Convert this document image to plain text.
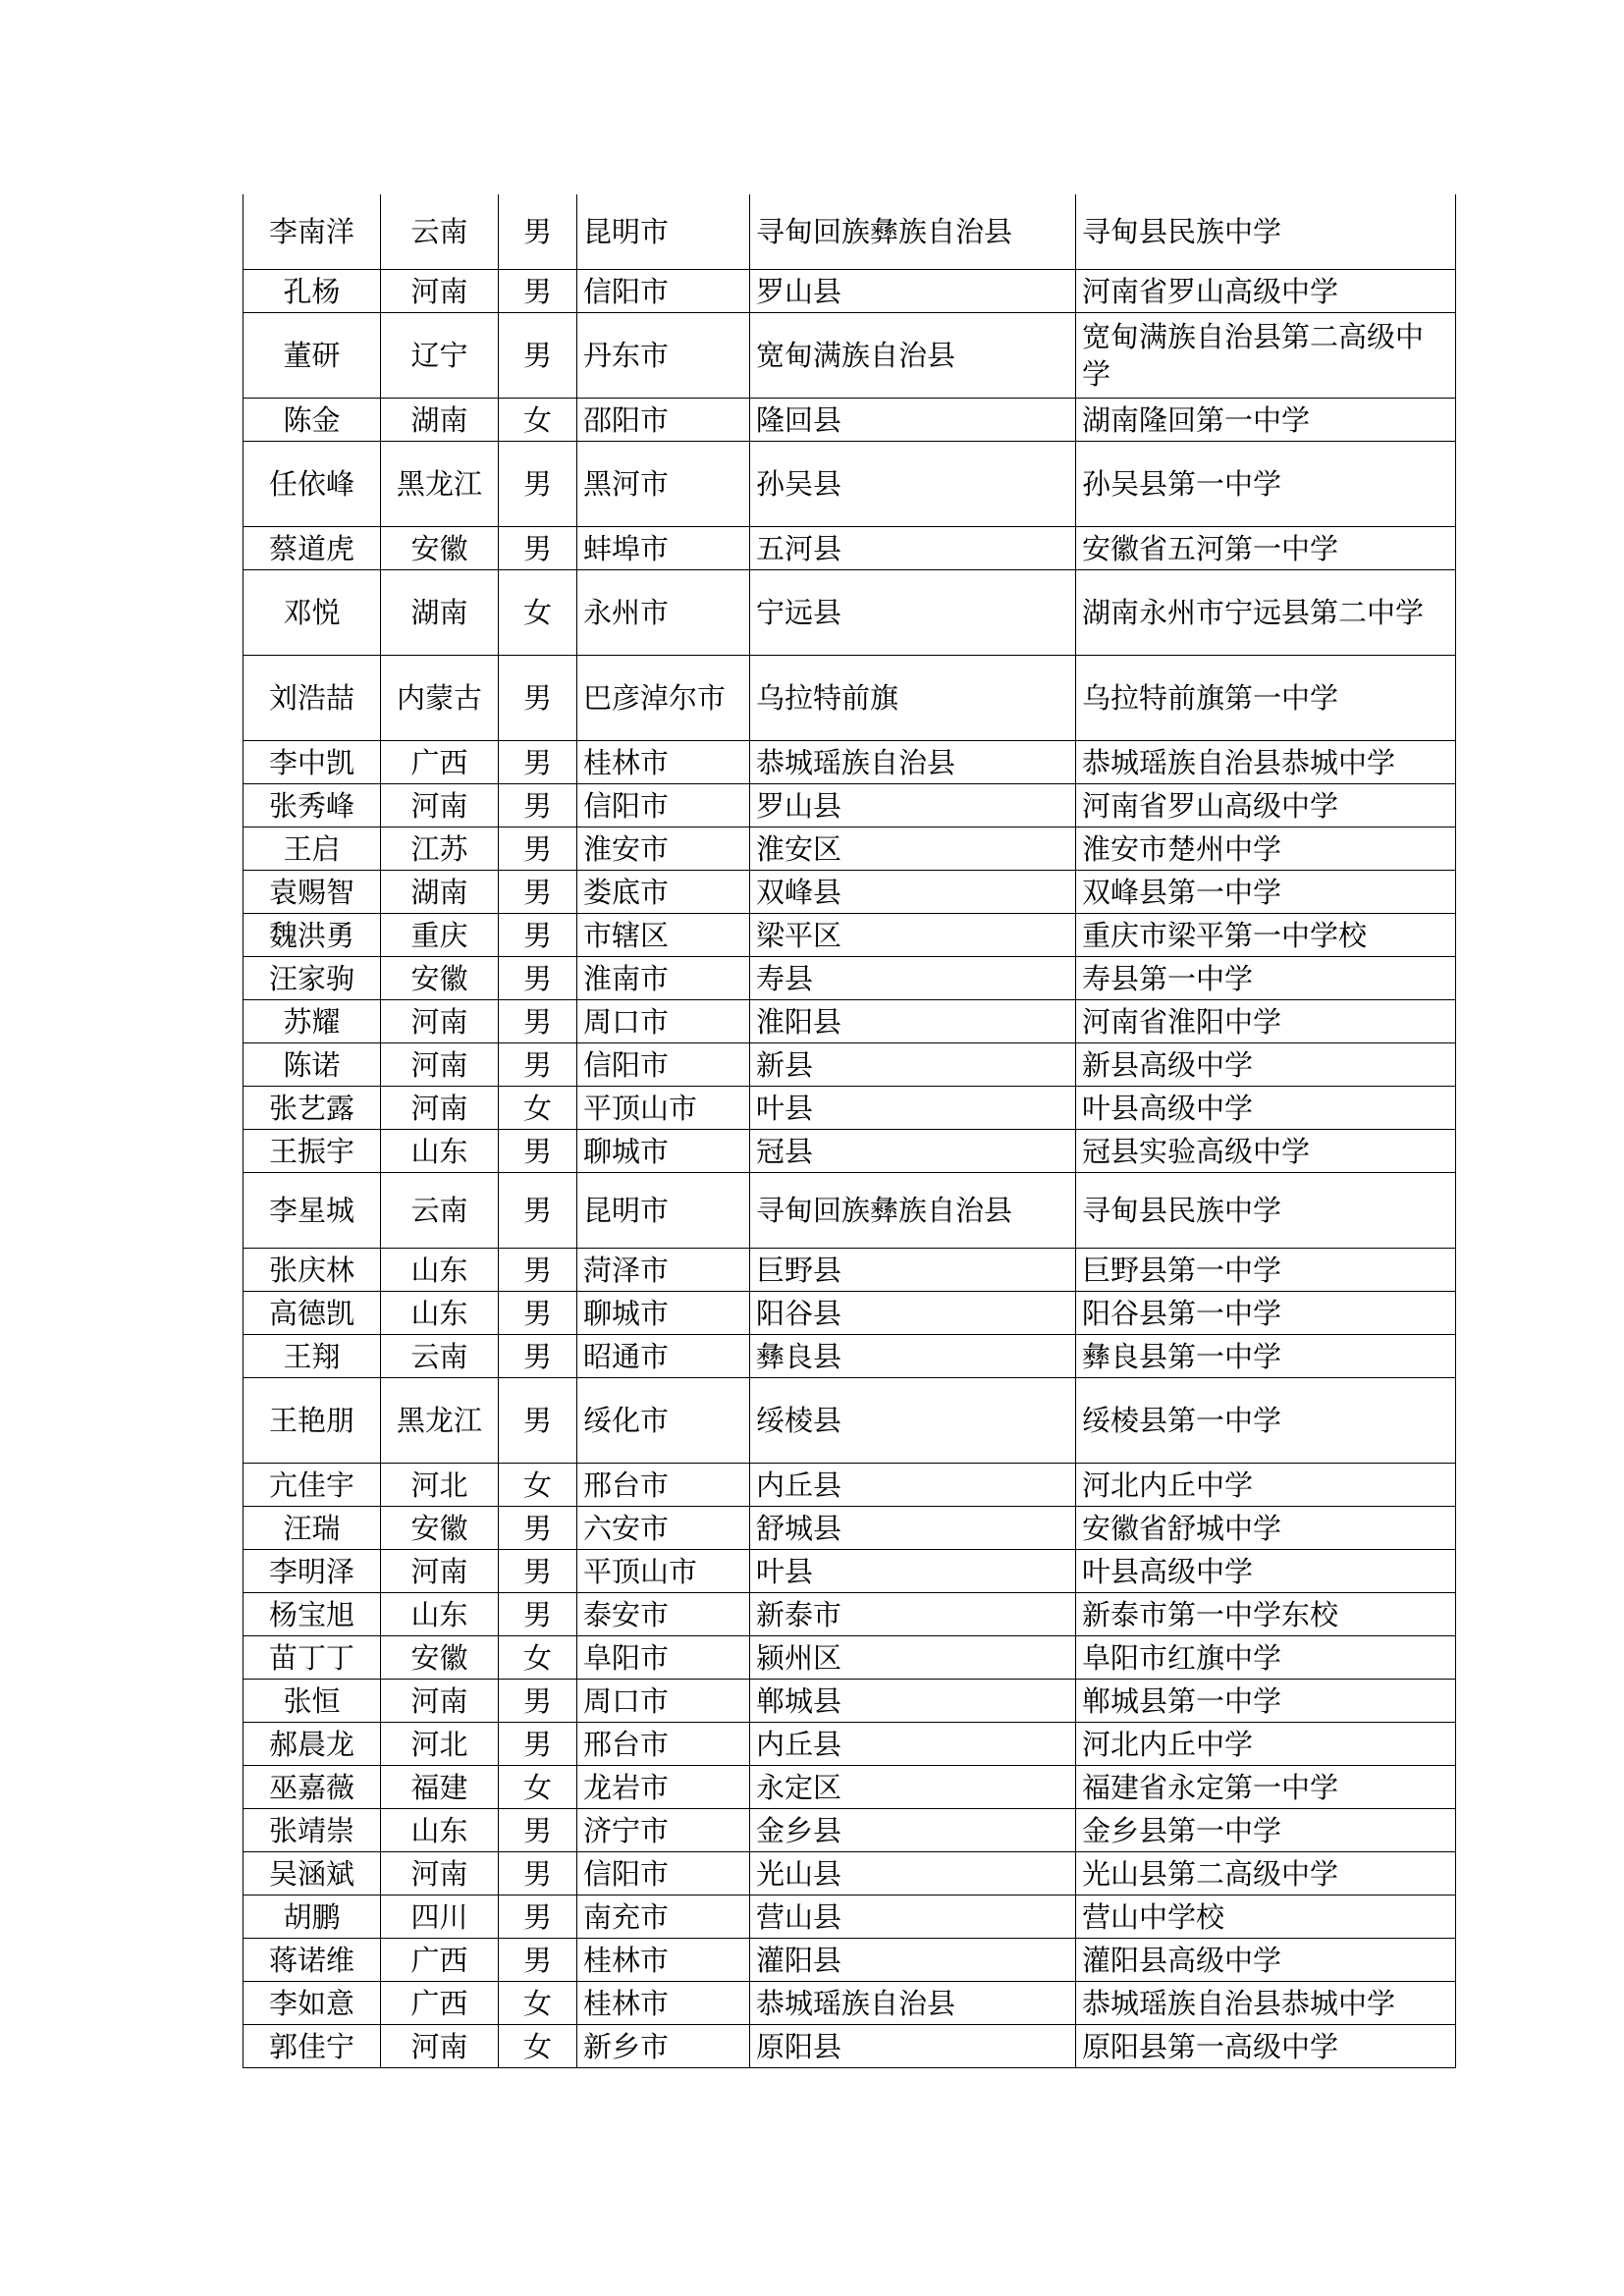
李南洋	云南	男	昆明市	寻甸回族彝族自治县	寻甸县民族中学
孔杨	河南	男	信阳市	罗山县	河南省罗山高级中学
董研	辽宁	男	丹东市	宽甸满族自治县	宽甸满族自治县第二高级中学
陈金	湖南	女	邵阳市	隆回县	湖南隆回第一中学
任依峰	黑龙江	男	黑河市	孙吴县	孙吴县第一中学
蔡道虎	安徽	男	蚌埠市	五河县	安徽省五河第一中学
邓悦	湖南	女	永州市	宁远县	湖南永州市宁远县第二中学
刘浩喆	内蒙古	男	巴彦淖尔市	乌拉特前旗	乌拉特前旗第一中学
李中凯	广西	男	桂林市	恭城瑶族自治县	恭城瑶族自治县恭城中学
张秀峰	河南	男	信阳市	罗山县	河南省罗山高级中学
王启	江苏	男	淮安市	淮安区	淮安市楚州中学
袁赐智	湖南	男	娄底市	双峰县	双峰县第一中学
魏洪勇	重庆	男	市辖区	梁平区	重庆市梁平第一中学校
汪家驹	安徽	男	淮南市	寿县	寿县第一中学
苏耀	河南	男	周口市	淮阳县	河南省淮阳中学
陈诺	河南	男	信阳市	新县	新县高级中学
张艺露	河南	女	平顶山市	叶县	叶县高级中学
王振宇	山东	男	聊城市	冠县	冠县实验高级中学
李星城	云南	男	昆明市	寻甸回族彝族自治县	寻甸县民族中学
张庆林	山东	男	菏泽市	巨野县	巨野县第一中学
高德凯	山东	男	聊城市	阳谷县	阳谷县第一中学
王翔	云南	男	昭通市	彝良县	彝良县第一中学
王艳朋	黑龙江	男	绥化市	绥棱县	绥棱县第一中学
亢佳宇	河北	女	邢台市	内丘县	河北内丘中学
汪瑞	安徽	男	六安市	舒城县	安徽省舒城中学
李明泽	河南	男	平顶山市	叶县	叶县高级中学
杨宝旭	山东	男	泰安市	新泰市	新泰市第一中学东校
苗丁丁	安徽	女	阜阳市	颍州区	阜阳市红旗中学
张恒	河南	男	周口市	郸城县	郸城县第一中学
郝晨龙	河北	男	邢台市	内丘县	河北内丘中学
巫嘉薇	福建	女	龙岩市	永定区	福建省永定第一中学
张靖崇	山东	男	济宁市	金乡县	金乡县第一中学
吴涵斌	河南	男	信阳市	光山县	光山县第二高级中学
胡鹏	四川	男	南充市	营山县	营山中学校
蒋诺维	广西	男	桂林市	灌阳县	灌阳县高级中学
李如意	广西	女	桂林市	恭城瑶族自治县	恭城瑶族自治县恭城中学
郭佳宁	河南	女	新乡市	原阳县	原阳县第一高级中学
